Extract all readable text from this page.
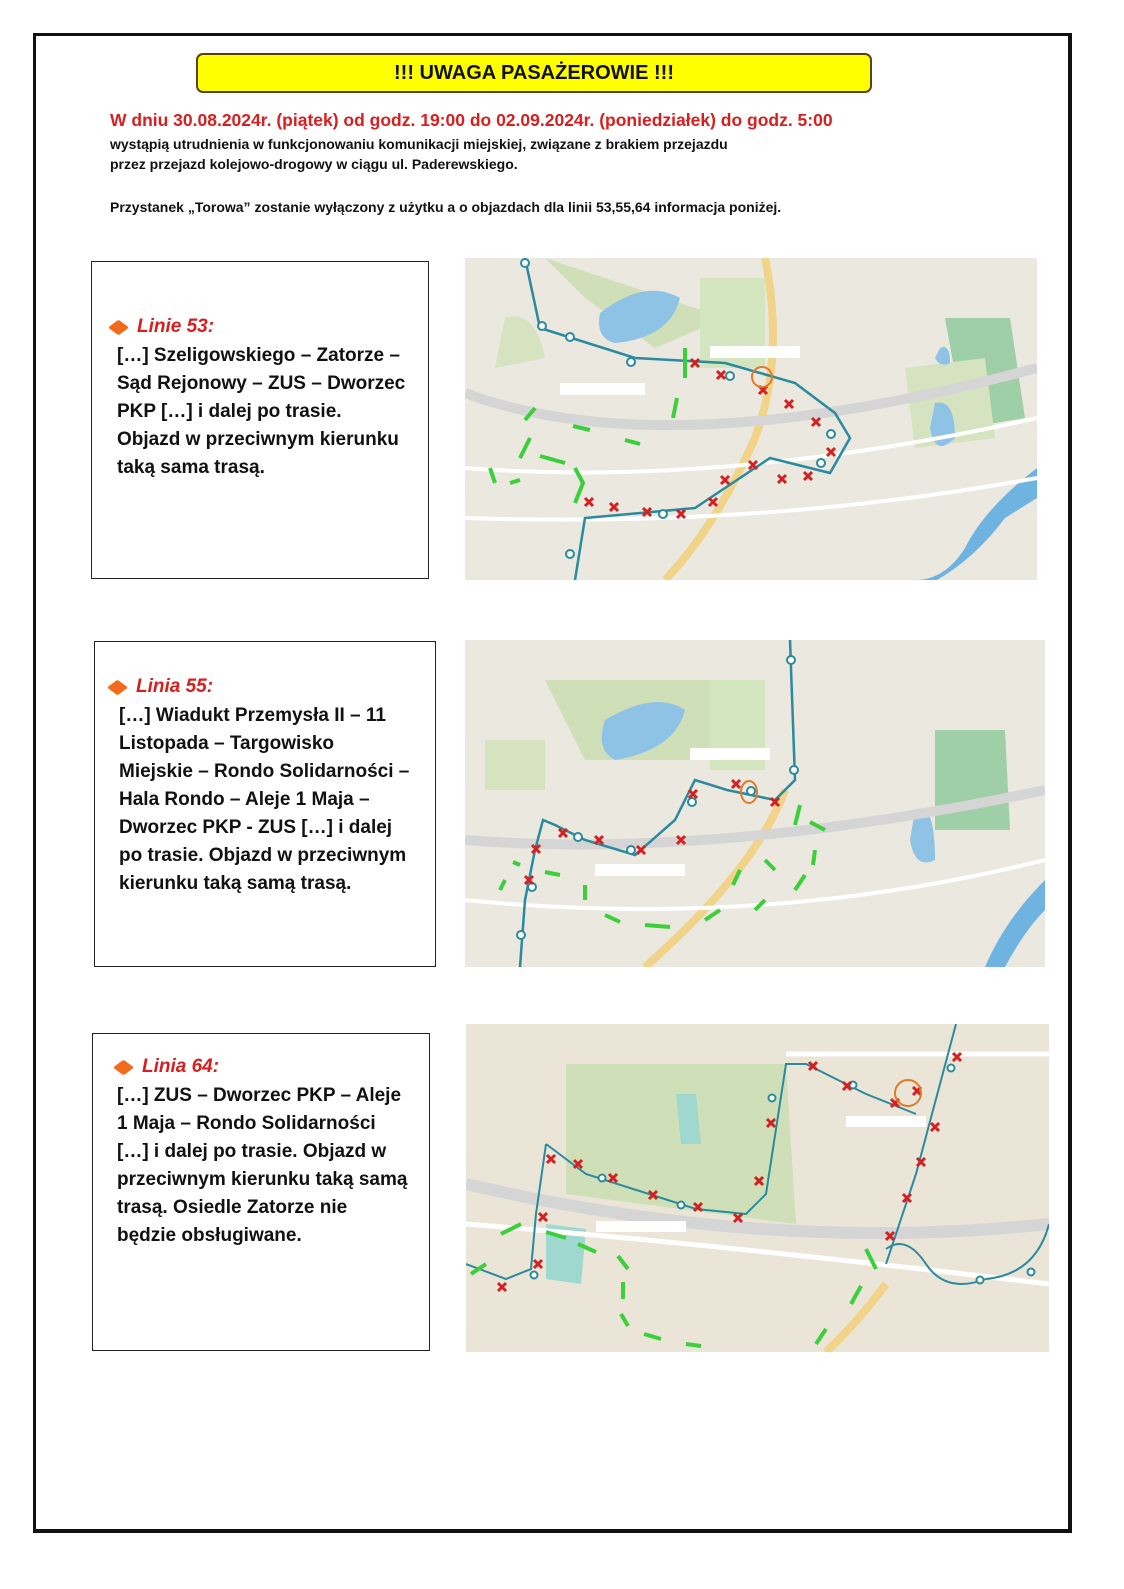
!!! UWAGA PASAŻEROWIE !!!
W dniu 30.08.2024r. (piątek) od godz. 19:00 do 02.09.2024r. (poniedziałek) do godz. 5:00
wystąpią utrudnienia w funkcjonowaniu komunikacji miejskiej, związane z brakiem przejazdu
przez przejazd kolejowo-drogowy w ciągu ul. Paderewskiego.
Przystanek „Torowa” zostanie wyłączony z użytku a o objazdach dla linii 53,55,64 informacja poniżej.
Linie 53:
[…] Szeligowskiego – Zatorze – Sąd Rejonowy – ZUS – Dworzec PKP […] i dalej po trasie. Objazd w przeciwnym kierunku taką sama trasą.
Linia 55:
[…] Wiadukt Przemysła II – 11 Listopada – Targowisko Miejskie – Rondo Solidarności – Hala Rondo – Aleje 1 Maja – Dworzec PKP - ZUS […] i dalej po trasie. Objazd w przeciwnym kierunku taką samą trasą.
Linia 64:
[…] ZUS – Dworzec PKP – Aleje 1 Maja – Rondo Solidarności […] i dalej po trasie. Objazd w przeciwnym kierunku taką samą trasą. Osiedle Zatorze nie będzie obsługiwane.
